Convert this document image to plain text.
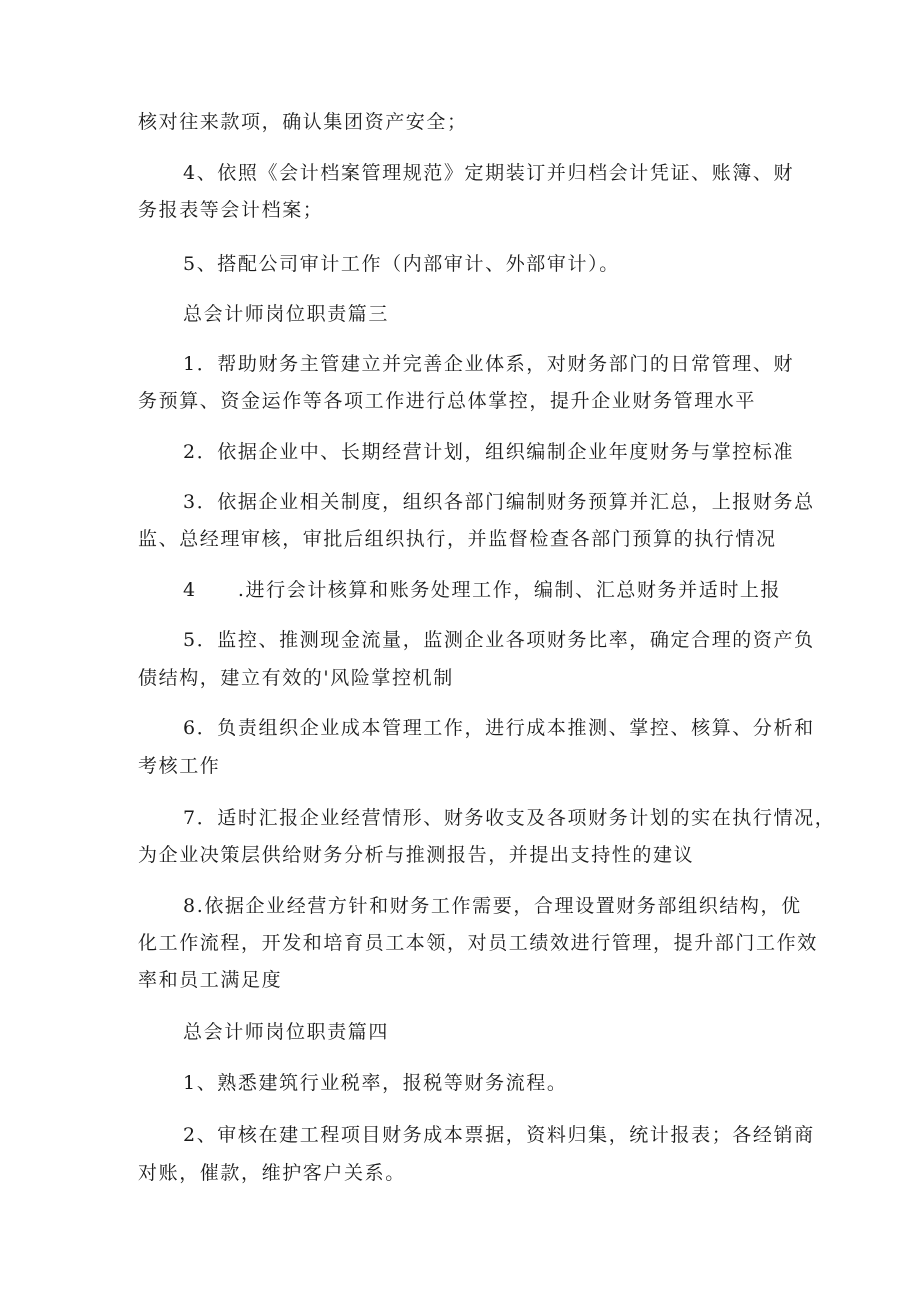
核对往来款项，确认集团资产安全；
4、依照《会计档案管理规范》定期装订并归档会计凭证、账簿、财
务报表等会计档案；
5、搭配公司审计工作（内部审计、外部审计）。
总会计师岗位职责篇三
1．帮助财务主管建立并完善企业体系，对财务部门的日常管理、财
务预算、资金运作等各项工作进行总体掌控，提升企业财务管理水平
2．依据企业中、长期经营计划，组织编制企业年度财务与掌控标准
3．依据企业相关制度，组织各部门编制财务预算并汇总，上报财务总
监、总经理审核，审批后组织执行，并监督检查各部门预算的执行情况
4　　.进行会计核算和账务处理工作，编制、汇总财务并适时上报
5．监控、推测现金流量，监测企业各项财务比率，确定合理的资产负
债结构，建立有效的'风险掌控机制
6．负责组织企业成本管理工作，进行成本推测、掌控、核算、分析和
考核工作
7．适时汇报企业经营情形、财务收支及各项财务计划的实在执行情况，
为企业决策层供给财务分析与推测报告，并提出支持性的建议
8.依据企业经营方针和财务工作需要，合理设置财务部组织结构，优
化工作流程，开发和培育员工本领，对员工绩效进行管理，提升部门工作效
率和员工满足度
总会计师岗位职责篇四
1、熟悉建筑行业税率，报税等财务流程。
2、审核在建工程项目财务成本票据，资料归集，统计报表；各经销商
对账，催款，维护客户关系。
